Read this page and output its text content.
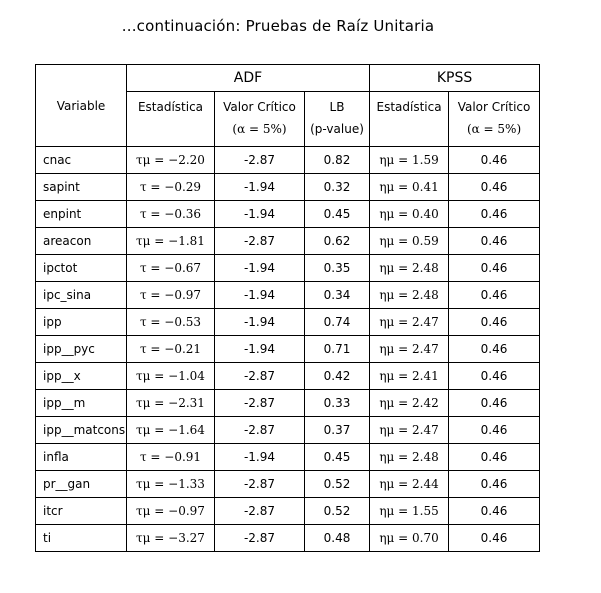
...continuación: Pruebas de Raíz Unitaria
Variable	ADF			KPSS	

	Estadística	Valor Crítico	LB	Estadística	Valor Crítico

		(α = 5%)	(p-value)		(α = 5%)
cnac	τμ = −2.20	-2.87	0.82	ημ = 1.59	0.46
sapint	τ = −0.29	-1.94	0.32	ημ = 0.41	0.46
enpint	τ = −0.36	-1.94	0.45	ημ = 0.40	0.46
areacon	τμ = −1.81	-2.87	0.62	ημ = 0.59	0.46
ipctot	τ = −0.67	-1.94	0.35	ημ = 2.48	0.46
ipc_sina	τ = −0.97	-1.94	0.34	ημ = 2.48	0.46
ipp	τ = −0.53	-1.94	0.74	ημ = 2.47	0.46
ipp__pyc	τ = −0.21	-1.94	0.71	ημ = 2.47	0.46
ipp__x	τμ = −1.04	-2.87	0.42	ημ = 2.41	0.46
ipp__m	τμ = −2.31	-2.87	0.33	ημ = 2.42	0.46
ipp__matcons	τμ = −1.64	-2.87	0.37	ημ = 2.47	0.46
infla	τ = −0.91	-1.94	0.45	ημ = 2.48	0.46
pr__gan	τμ = −1.33	-2.87	0.52	ημ = 2.44	0.46
itcr	τμ = −0.97	-2.87	0.52	ημ = 1.55	0.46
ti	τμ = −3.27	-2.87	0.48	ημ = 0.70	0.46
